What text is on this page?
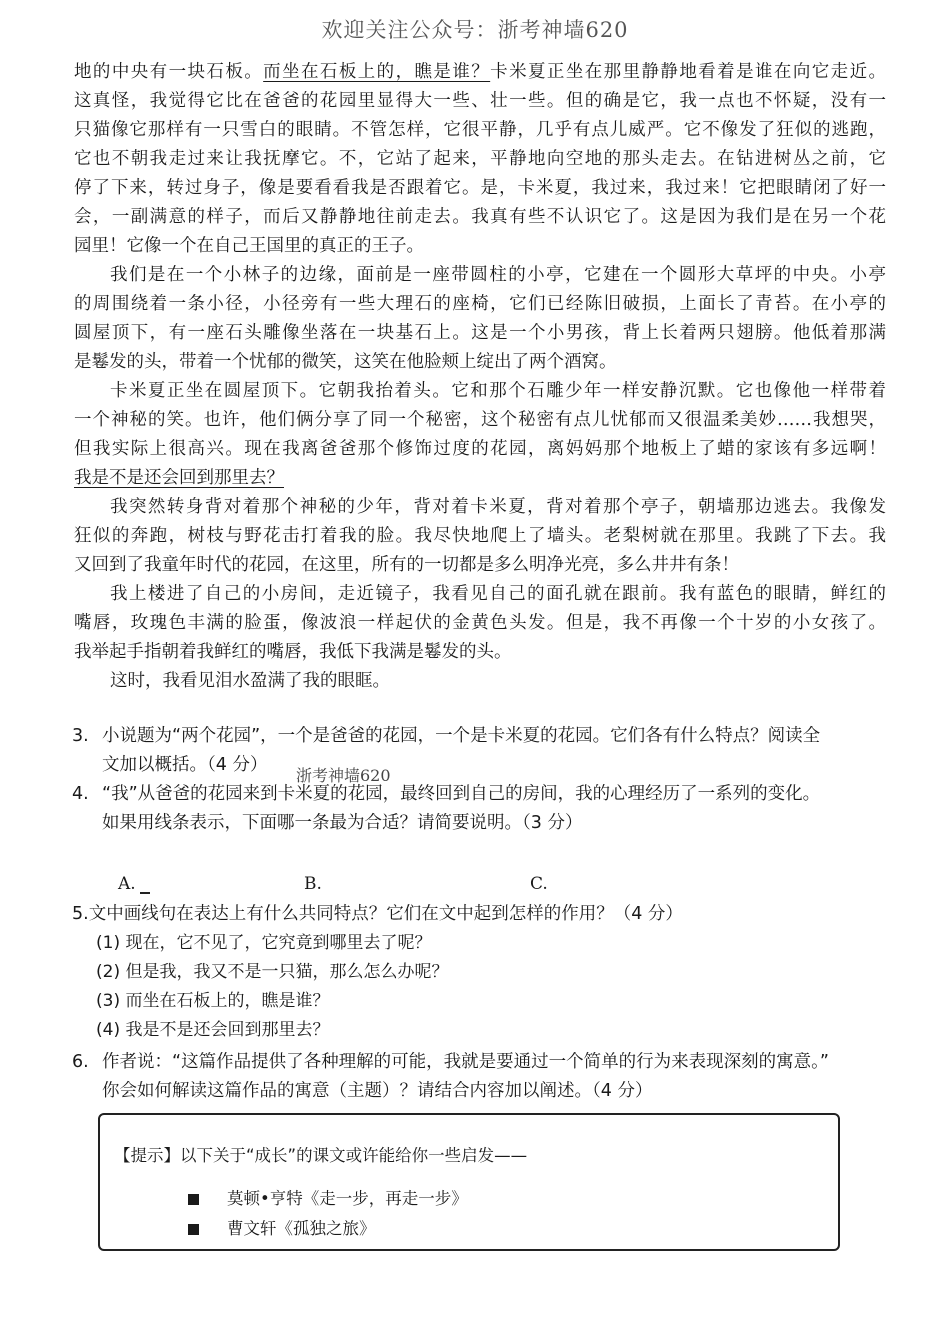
欢迎关注公众号：浙考神墙620
地的中央有一块石板。而坐在石板上的，瞧是谁？卡米夏正坐在那里静静地看着是谁在向它走近。
这真怪，我觉得它比在爸爸的花园里显得大一些、壮一些。但的确是它，我一点也不怀疑，没有一
只猫像它那样有一只雪白的眼睛。不管怎样，它很平静，几乎有点儿威严。它不像发了狂似的逃跑，
它也不朝我走过来让我抚摩它。不，它站了起来，平静地向空地的那头走去。在钻进树丛之前，它
停了下来，转过身子，像是要看看我是否跟着它。是，卡米夏，我过来，我过来！它把眼睛闭了好一
会，一副满意的样子，而后又静静地往前走去。我真有些不认识它了。这是因为我们是在另一个花
园里！它像一个在自己王国里的真正的王子。
我们是在一个小林子的边缘，面前是一座带圆柱的小亭，它建在一个圆形大草坪的中央。小亭
的周围绕着一条小径，小径旁有一些大理石的座椅，它们已经陈旧破损，上面长了青苔。在小亭的
圆屋顶下，有一座石头雕像坐落在一块基石上。这是一个小男孩，背上长着两只翅膀。他低着那满
是鬈发的头，带着一个忧郁的微笑，这笑在他脸颊上绽出了两个酒窝。
卡米夏正坐在圆屋顶下。它朝我抬着头。它和那个石雕少年一样安静沉默。它也像他一样带着
一个神秘的笑。也许，他们俩分享了同一个秘密，这个秘密有点儿忧郁而又很温柔美妙……我想哭，
但我实际上很高兴。现在我离爸爸那个修饰过度的花园，离妈妈那个地板上了蜡的家该有多远啊！
我是不是还会回到那里去？
我突然转身背对着那个神秘的少年，背对着卡米夏，背对着那个亭子，朝墙那边逃去。我像发
狂似的奔跑，树枝与野花击打着我的脸。我尽快地爬上了墙头。老梨树就在那里。我跳了下去。我
又回到了我童年时代的花园，在这里，所有的一切都是多么明净光亮，多么井井有条！
我上楼进了自己的小房间，走近镜子，我看见自己的面孔就在跟前。我有蓝色的眼睛，鲜红的
嘴唇，玫瑰色丰满的脸蛋，像波浪一样起伏的金黄色头发。但是，我不再像一个十岁的小女孩了。
我举起手指朝着我鲜红的嘴唇，我低下我满是鬈发的头。
这时，我看见泪水盈满了我的眼眶。

3. 小说题为“两个花园”，一个是爸爸的花园，一个是卡米夏的花园。它们各有什么特点？阅读全

文加以概括。（4 分）

4. “我”从爸爸的花园来到卡米夏的花园，最终回到自己的房间，我的心理经历了一系列的变化。

如果用线条表示，下面哪一条最为合适？请简要说明。（3 分）

浙考神墙620
A.	B.	C.

5.文中画线句在表达上有什么共同特点？它们在文中起到怎样的作用？（4 分）

(1) 现在，它不见了，它究竟到哪里去了呢？
(2) 但是我，我又不是一只猫，那么怎么办呢？
(3) 而坐在石板上的，瞧是谁？
(4) 我是不是还会回到那里去？

6. 作者说：“这篇作品提供了各种理解的可能，我就是要通过一个简单的行为来表现深刻的寓意。”

你会如何解读这篇作品的寓意（主题）？请结合内容加以阐述。（4 分）

【提示】以下关于“成长”的课文或许能给你一些启发——
莫顿•亨特《走一步，再走一步》
曹文轩《孤独之旅》
